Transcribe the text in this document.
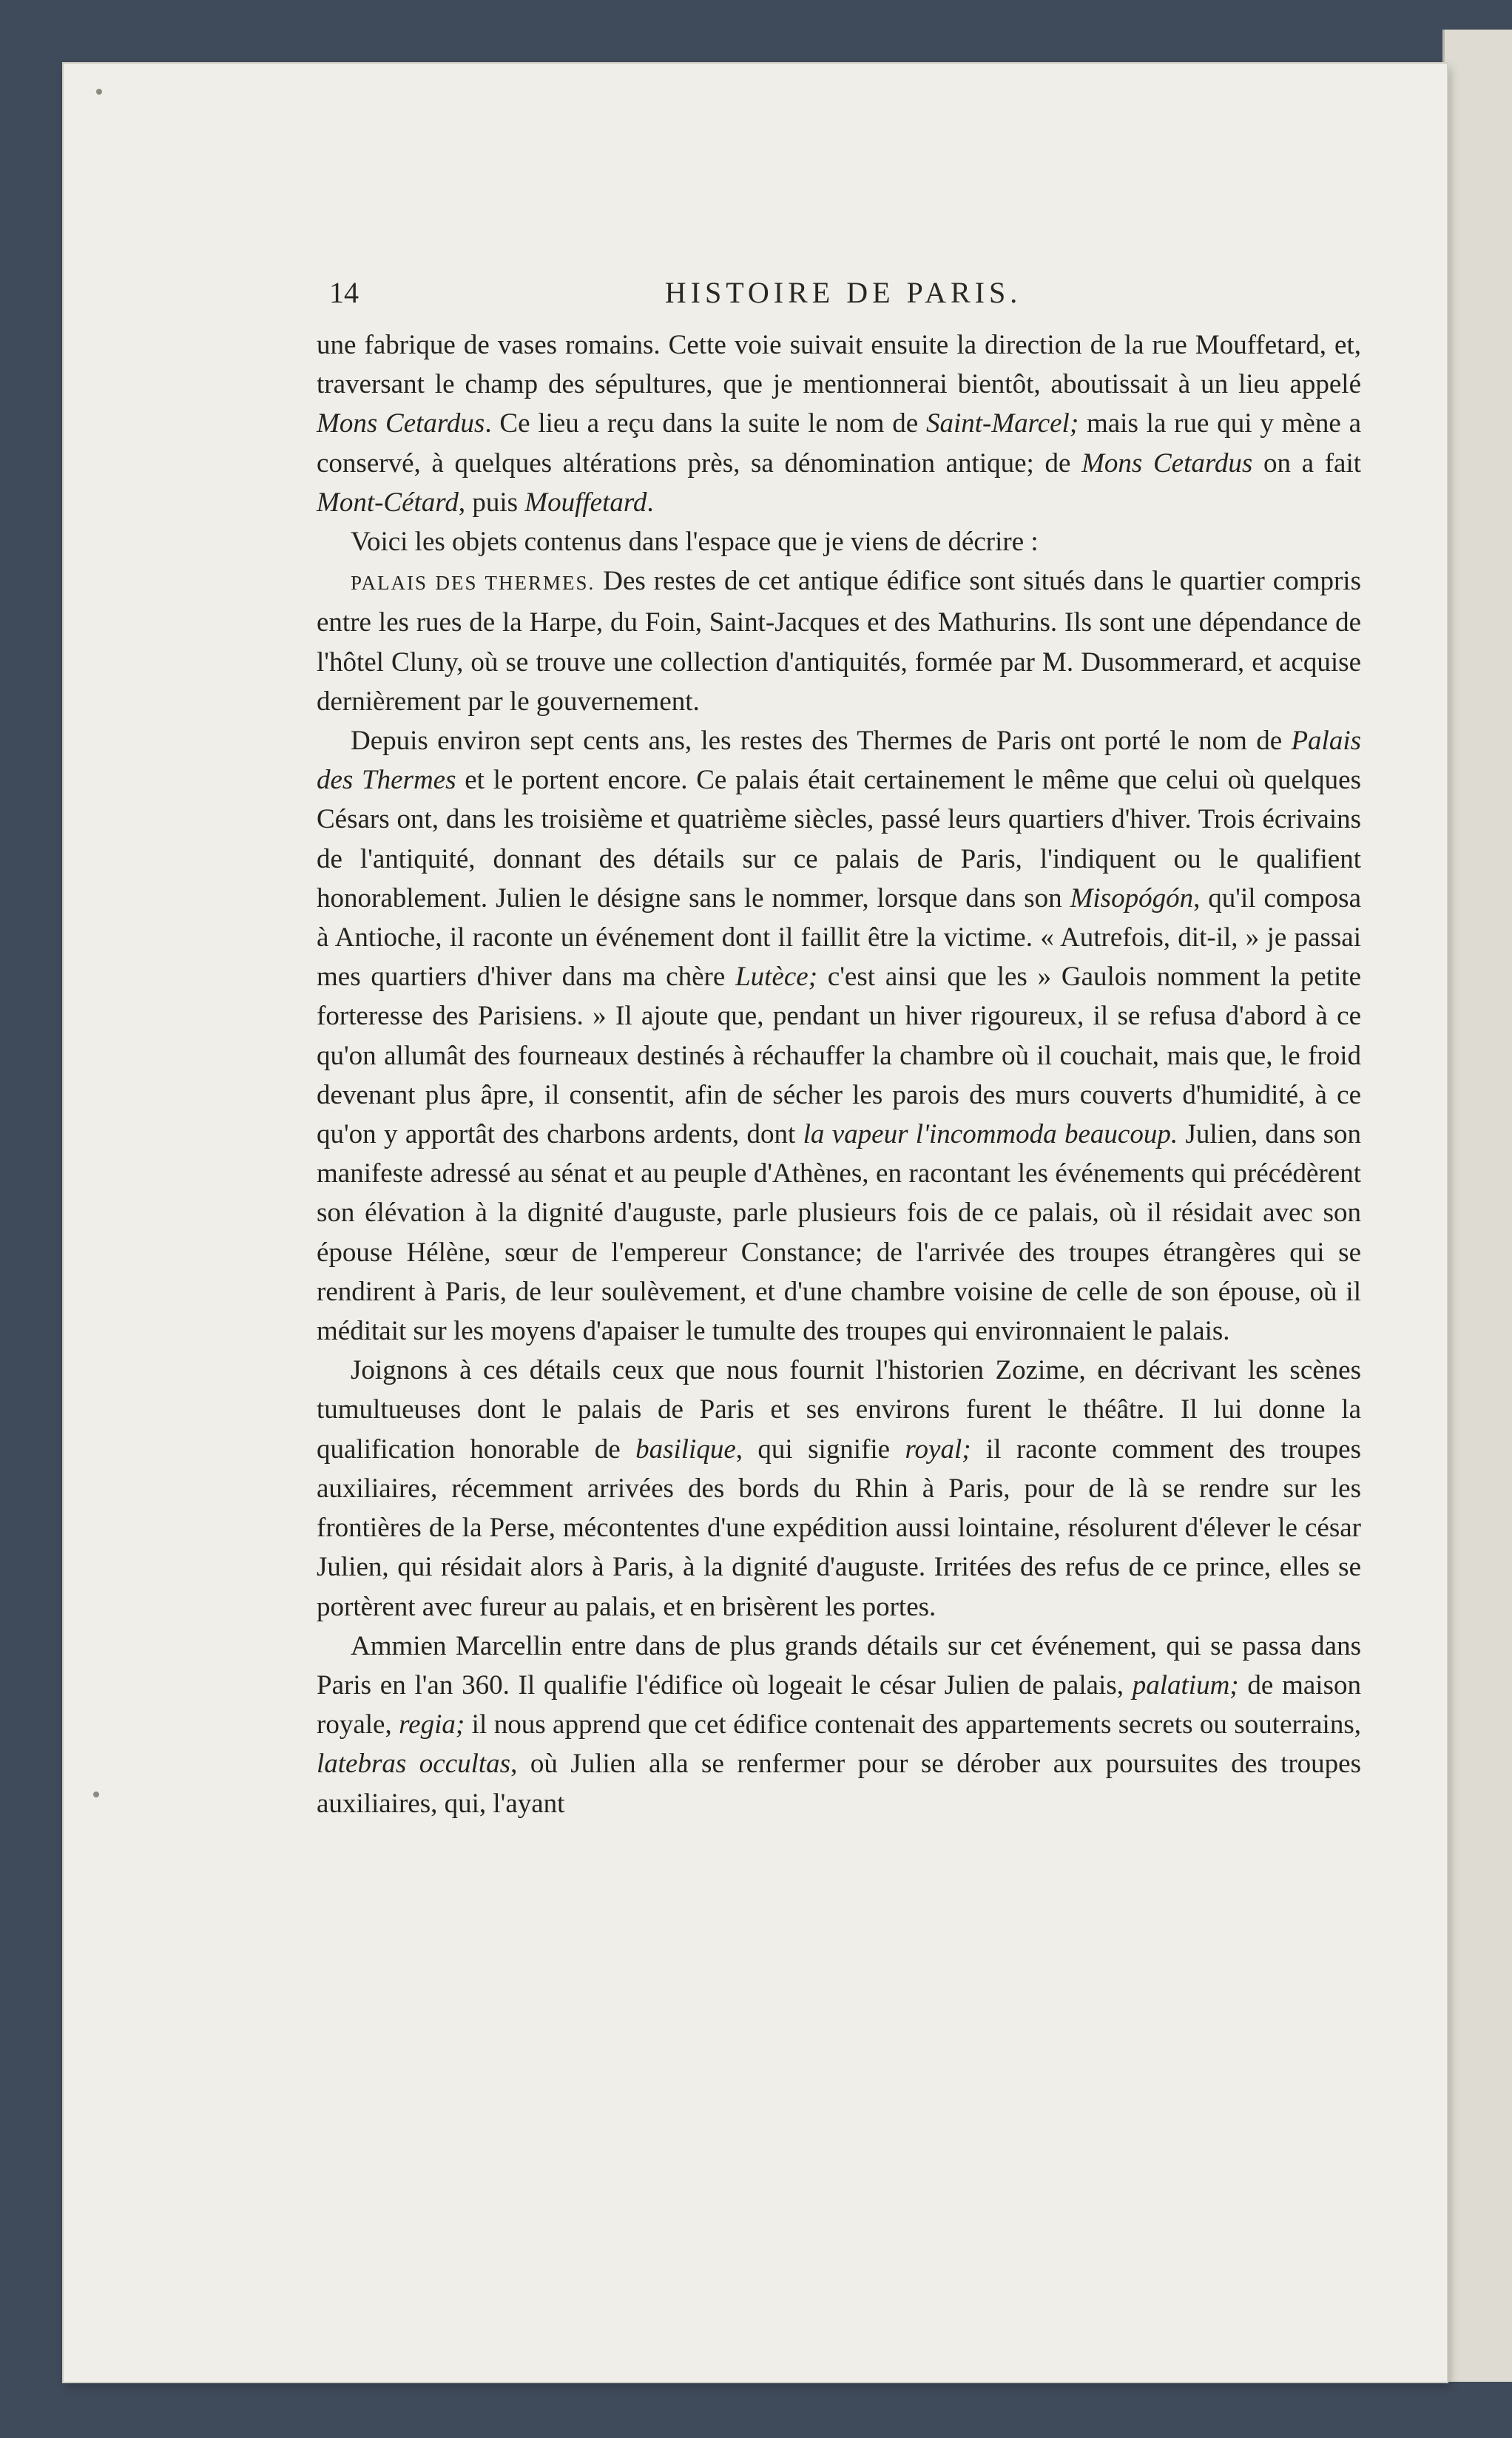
14	HISTOIRE DE PARIS.

une fabrique de vases romains. Cette voie suivait ensuite la direction de la rue Mouffetard, et, traversant le champ des sépultures, que je mentionnerai bientôt, aboutissait à un lieu appelé Mons Cetardus. Ce lieu a reçu dans la suite le nom de Saint-Marcel; mais la rue qui y mène a conservé, à quelques altérations près, sa dénomination antique; de Mons Cetardus on a fait Mont-Cétard, puis Mouffetard.

Voici les objets contenus dans l'espace que je viens de décrire :

PALAIS DES THERMES. Des restes de cet antique édifice sont situés dans le quartier compris entre les rues de la Harpe, du Foin, Saint-Jacques et des Mathurins. Ils sont une dépendance de l'hôtel Cluny, où se trouve une collection d'antiquités, formée par M. Dusommerard, et acquise dernièrement par le gouvernement.

Depuis environ sept cents ans, les restes des Thermes de Paris ont porté le nom de Palais des Thermes et le portent encore. Ce palais était certainement le même que celui où quelques Césars ont, dans les troisième et quatrième siècles, passé leurs quartiers d'hiver. Trois écrivains de l'antiquité, donnant des détails sur ce palais de Paris, l'indiquent ou le qualifient honorablement. Julien le désigne sans le nommer, lorsque dans son Misopógón, qu'il composa à Antioche, il raconte un événement dont il faillit être la victime. « Autrefois, dit-il, » je passai mes quartiers d'hiver dans ma chère Lutèce; c'est ainsi que les » Gaulois nomment la petite forteresse des Parisiens. » Il ajoute que, pendant un hiver rigoureux, il se refusa d'abord à ce qu'on allumât des fourneaux destinés à réchauffer la chambre où il couchait, mais que, le froid devenant plus âpre, il consentit, afin de sécher les parois des murs couverts d'humidité, à ce qu'on y apportât des charbons ardents, dont la vapeur l'incommoda beaucoup. Julien, dans son manifeste adressé au sénat et au peuple d'Athènes, en racontant les événements qui précédèrent son élévation à la dignité d'auguste, parle plusieurs fois de ce palais, où il résidait avec son épouse Hélène, sœur de l'empereur Constance; de l'arrivée des troupes étrangères qui se rendirent à Paris, de leur soulèvement, et d'une chambre voisine de celle de son épouse, où il méditait sur les moyens d'apaiser le tumulte des troupes qui environnaient le palais.

Joignons à ces détails ceux que nous fournit l'historien Zozime, en décrivant les scènes tumultueuses dont le palais de Paris et ses environs furent le théâtre. Il lui donne la qualification honorable de basilique, qui signifie royal; il raconte comment des troupes auxiliaires, récemment arrivées des bords du Rhin à Paris, pour de là se rendre sur les frontières de la Perse, mécontentes d'une expédition aussi lointaine, résolurent d'élever le césar Julien, qui résidait alors à Paris, à la dignité d'auguste. Irritées des refus de ce prince, elles se portèrent avec fureur au palais, et en brisèrent les portes.

Ammien Marcellin entre dans de plus grands détails sur cet événement, qui se passa dans Paris en l'an 360. Il qualifie l'édifice où logeait le césar Julien de palais, palatium; de maison royale, regia; il nous apprend que cet édifice contenait des appartements secrets ou souterrains, latebras occultas, où Julien alla se renfermer pour se dérober aux poursuites des troupes auxiliaires, qui, l'ayant
